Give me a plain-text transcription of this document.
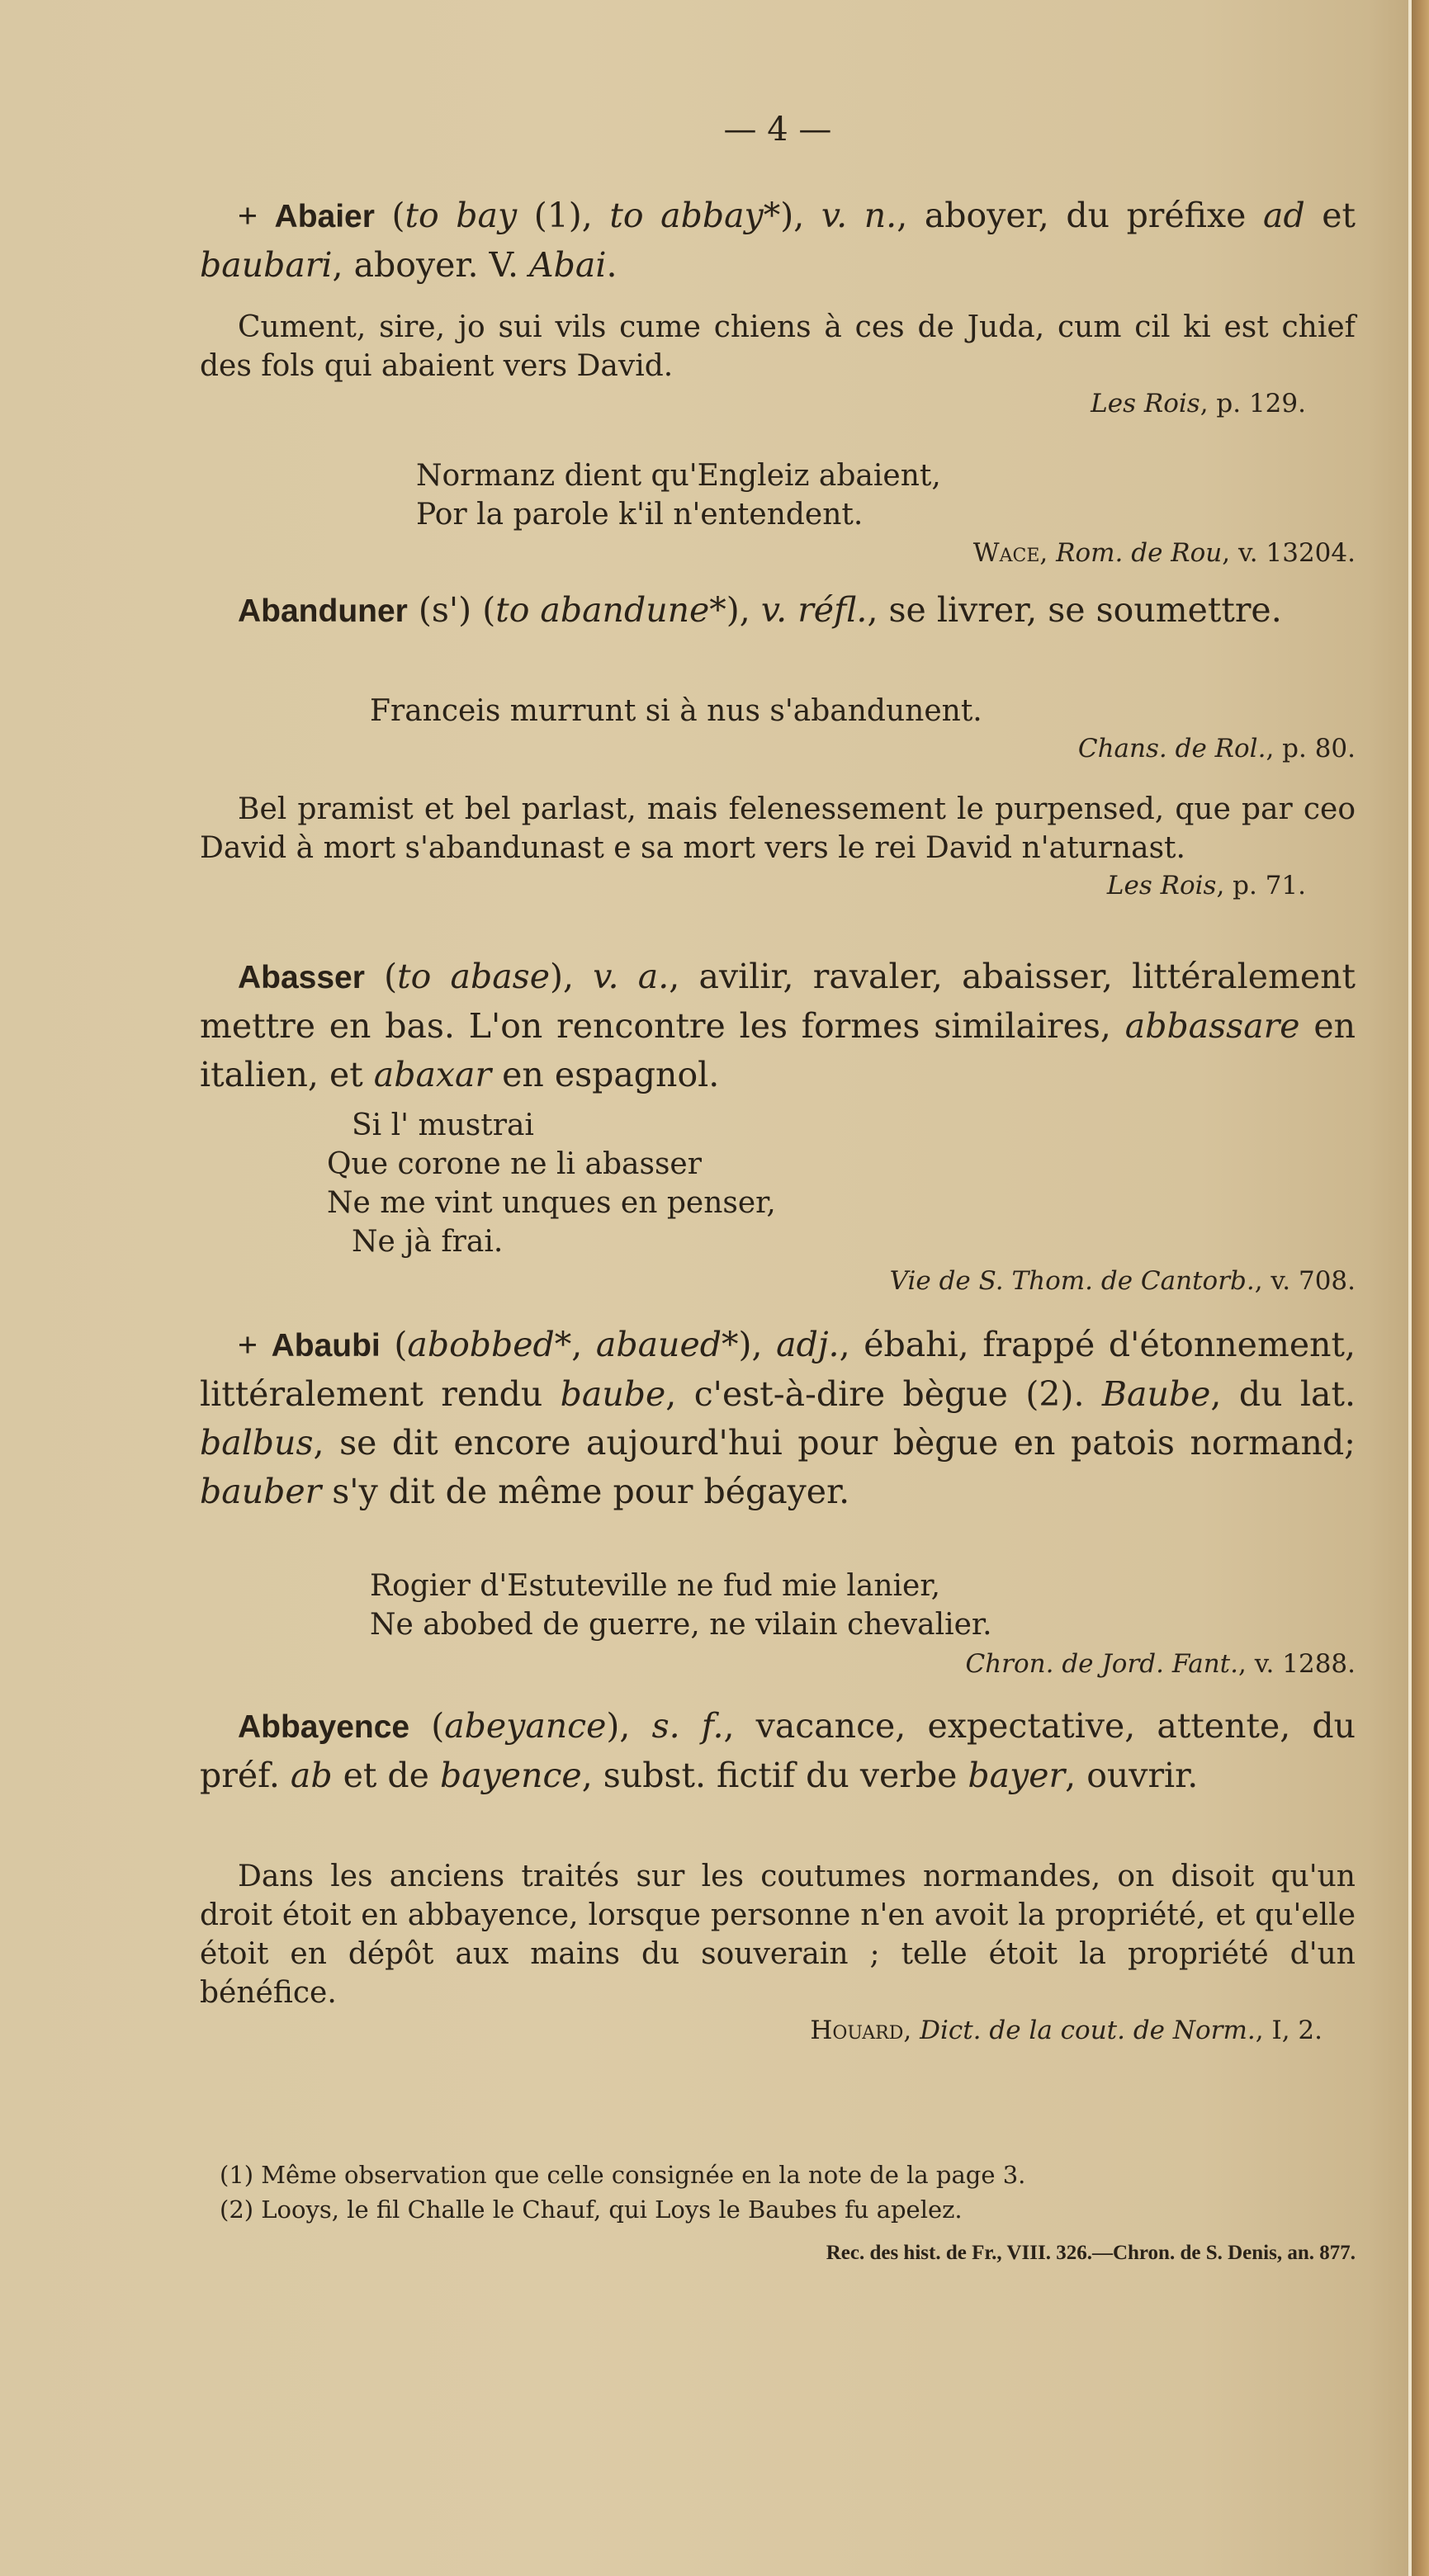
— 4 —

+ Abaier (to bay (1), to abbay*), v. n., aboyer, du préfixe ad et baubari, aboyer. V. Abai.

Cument, sire, jo sui vils cume chiens à ces de Juda, cum cil ki est chief des fols qui abaient vers David.

Les Rois, p. 129.
Normanz dient qu'Engleiz abaient,
Por la parole k'il n'entendent.
Wace, Rom. de Rou, v. 13204.

Abanduner (s') (to abandune*), v. réfl., se livrer, se soumettre.

Franceis murrunt si à nus s'abandunent.
Chans. de Rol., p. 80.

Bel pramist et bel parlast, mais felenessement le purpensed, que par ceo David à mort s'abandunast e sa mort vers le rei David n'aturnast.

Les Rois, p. 71.

Abasser (to abase), v. a., avilir, ravaler, abaisser, littéralement mettre en bas. L'on rencontre les formes similaires, abbassare en italien, et abaxar en espagnol.

Si l' mustrai
Que corone ne li abasser
Ne me vint unques en penser,
Ne jà frai.
Vie de S. Thom. de Cantorb., v. 708.

+ Abaubi (abobbed*, abaued*), adj., ébahi, frappé d'étonnement, littéralement rendu baube, c'est-à-dire bègue (2). Baube, du lat. balbus, se dit encore aujourd'hui pour bègue en patois normand; bauber s'y dit de même pour bégayer.

Rogier d'Estuteville ne fud mie lanier,
Ne abobed de guerre, ne vilain chevalier.
Chron. de Jord. Fant., v. 1288.

Abbayence (abeyance), s. f., vacance, expectative, attente, du préf. ab et de bayence, subst. fictif du verbe bayer, ouvrir.

Dans les anciens traités sur les coutumes normandes, on disoit qu'un droit étoit en abbayence, lorsque personne n'en avoit la propriété, et qu'elle étoit en dépôt aux mains du souverain ; telle étoit la propriété d'un bénéfice.

Houard, Dict. de la cout. de Norm., I, 2.
(1) Même observation que celle consignée en la note de la page 3.
(2) Looys, le fil Challe le Chauf, qui Loys le Baubes fu apelez.
Rec. des hist. de Fr., VIII. 326.—Chron. de S. Denis, an. 877.
